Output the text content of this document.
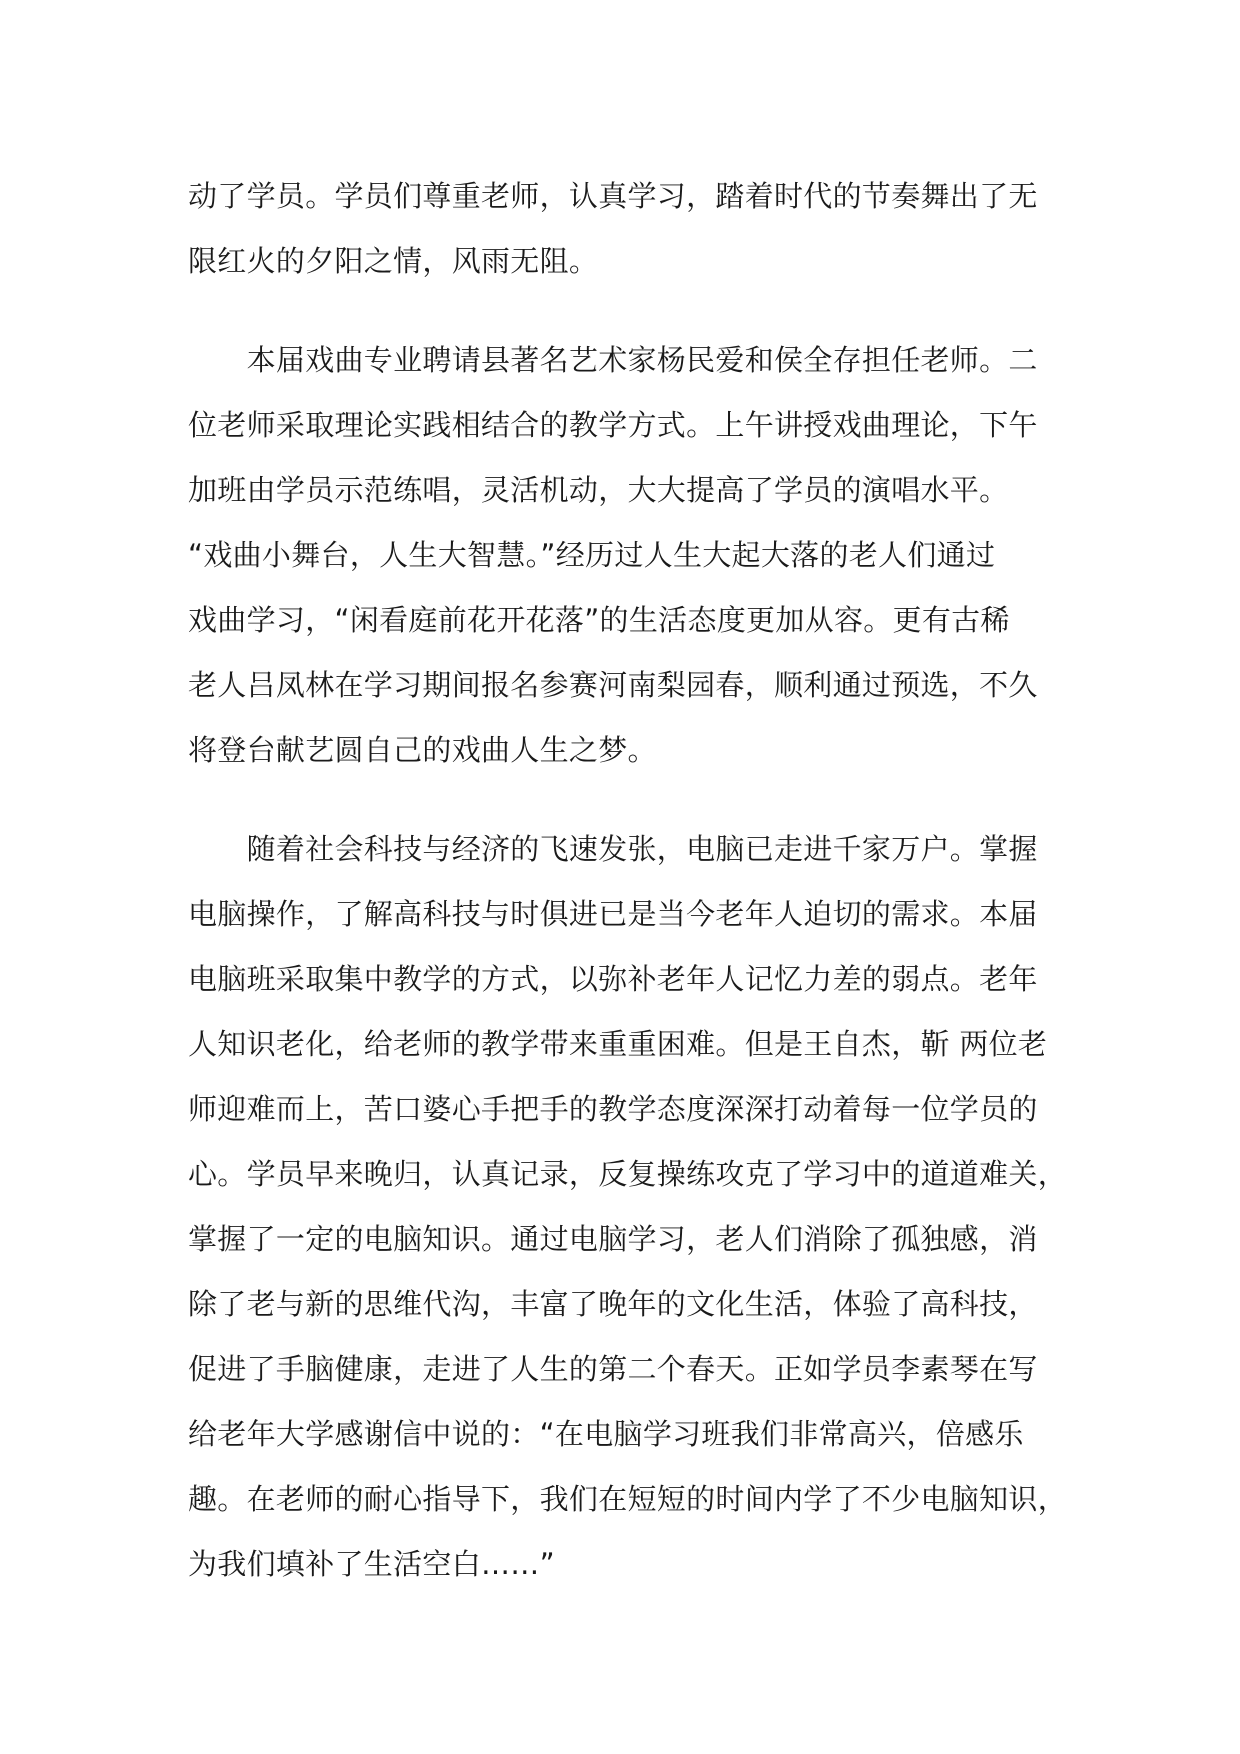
动了学员。学员们尊重老师，认真学习，踏着时代的节奏舞出了无
限红火的夕阳之情，风雨无阻。
　　本届戏曲专业聘请县著名艺术家杨民爱和侯全存担任老师。二
位老师采取理论实践相结合的教学方式。上午讲授戏曲理论，下午
加班由学员示范练唱，灵活机动，大大提高了学员的演唱水平。
“戏曲小舞台，人生大智慧。”经历过人生大起大落的老人们通过
戏曲学习，“闲看庭前花开花落”的生活态度更加从容。更有古稀
老人吕凤林在学习期间报名参赛河南梨园春，顺利通过预选，不久
将登台献艺圆自己的戏曲人生之梦。
　　随着社会科技与经济的飞速发张，电脑已走进千家万户。掌握
电脑操作，了解高科技与时俱进已是当今老年人迫切的需求。本届
电脑班采取集中教学的方式，以弥补老年人记忆力差的弱点。老年
人知识老化，给老师的教学带来重重困难。但是王自杰，靳 两位老
师迎难而上，苦口婆心手把手的教学态度深深打动着每一位学员的
心。学员早来晚归，认真记录，反复操练攻克了学习中的道道难关，
掌握了一定的电脑知识。通过电脑学习，老人们消除了孤独感，消
除了老与新的思维代沟，丰富了晚年的文化生活，体验了高科技，
促进了手脑健康，走进了人生的第二个春天。正如学员李素琴在写
给老年大学感谢信中说的：“在电脑学习班我们非常高兴，倍感乐
趣。在老师的耐心指导下，我们在短短的时间内学了不少电脑知识，
为我们填补了生活空白……”
